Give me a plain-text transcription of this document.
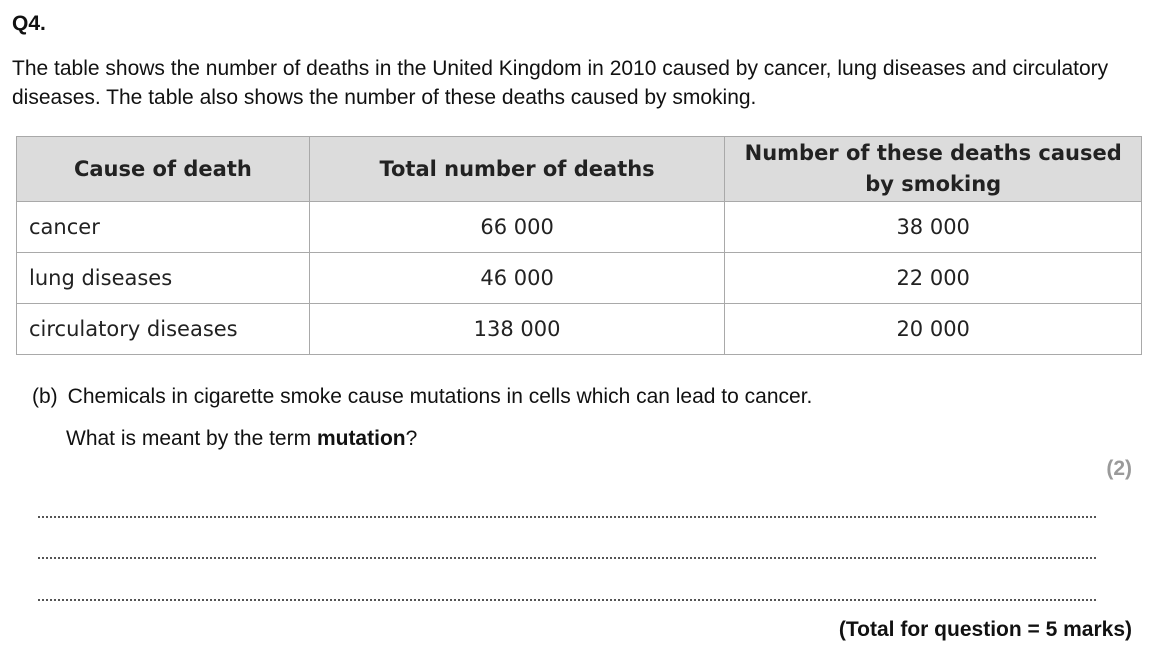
Q4.

The table shows the number of deaths in the United Kingdom in 2010 caused by cancer, lung diseases and circulatory diseases. The table also shows the number of these deaths caused by smoking.

Cause of death	Total number of deaths	Number of these deaths caused by smoking
cancer	66 000	38 000
lung diseases	46 000	22 000
circulatory diseases	138 000	20 000

(b) Chemicals in cigarette smoke cause mutations in cells which can lead to cancer.

What is meant by the term mutation?

(2)
(Total for question = 5 marks)
